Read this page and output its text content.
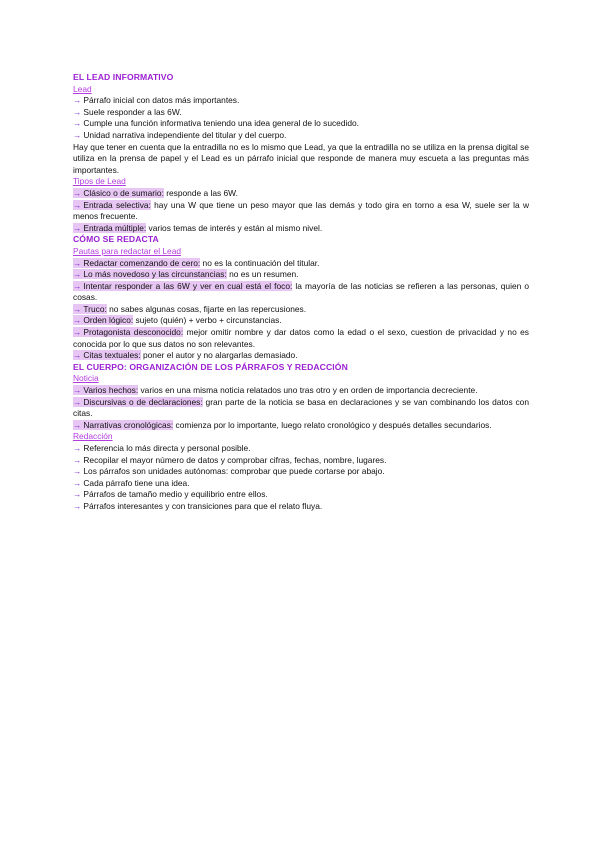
EL LEAD INFORMATIVO
Lead
→ Párrafo inicial con datos más importantes.
→ Suele responder a las 6W.
→ Cumple una función informativa teniendo una idea general de lo sucedido.
→ Unidad narrativa independiente del titular y del cuerpo.
Hay que tener en cuenta que la entradilla no es lo mismo que Lead, ya que la entradilla no se utiliza en la prensa digital se utiliza en la prensa de papel y el Lead es un párrafo inicial que responde de manera muy escueta a las preguntas más importantes.
Tipos de Lead
→ Clásico o de sumario: responde a las 6W.
→ Entrada selectiva: hay una W que tiene un peso mayor que las demás y todo gira en torno a esa W, suele ser la w menos frecuente.
→ Entrada múltiple: varios temas de interés y están al mismo nivel.
CÓMO SE REDACTA
Pautas para redactar el Lead
→ Redactar comenzando de cero: no es la continuación del titular.
→ Lo más novedoso y las circunstancias: no es un resumen.
→ Intentar responder a las 6W y ver en cual está el foco: la mayoría de las noticias se refieren a las personas, quien o cosas.
→ Truco: no sabes algunas cosas, fijarte en las repercusiones.
→ Orden lógico: sujeto (quién) + verbo + circunstancias.
→ Protagonista desconocido: mejor omitir nombre y dar datos como la edad o el sexo, cuestion de privacidad y no es conocida por lo que sus datos no son relevantes.
→ Citas textuales: poner el autor y no alargarlas demasiado.
EL CUERPO: ORGANIZACIÓN DE LOS PÁRRAFOS Y REDACCIÓN
Noticia
→ Varios hechos: varios en una misma noticia relatados uno tras otro y en orden de importancia decreciente.
→ Discursivas o de declaraciones: gran parte de la noticia se basa en declaraciones y se van combinando los datos con citas.
→ Narrativas cronológicas: comienza por lo importante, luego relato cronológico y después detalles secundarios.
Redacción
→ Referencia lo más directa y personal posible.
→ Recopilar el mayor número de datos y comprobar cifras, fechas, nombre, lugares.
→ Los párrafos son unidades autónomas: comprobar que puede cortarse por abajo.
→ Cada párrafo tiene una idea.
→ Párrafos de tamaño medio y equilibrio entre ellos.
→ Párrafos interesantes y con transiciones para que el relato fluya.
